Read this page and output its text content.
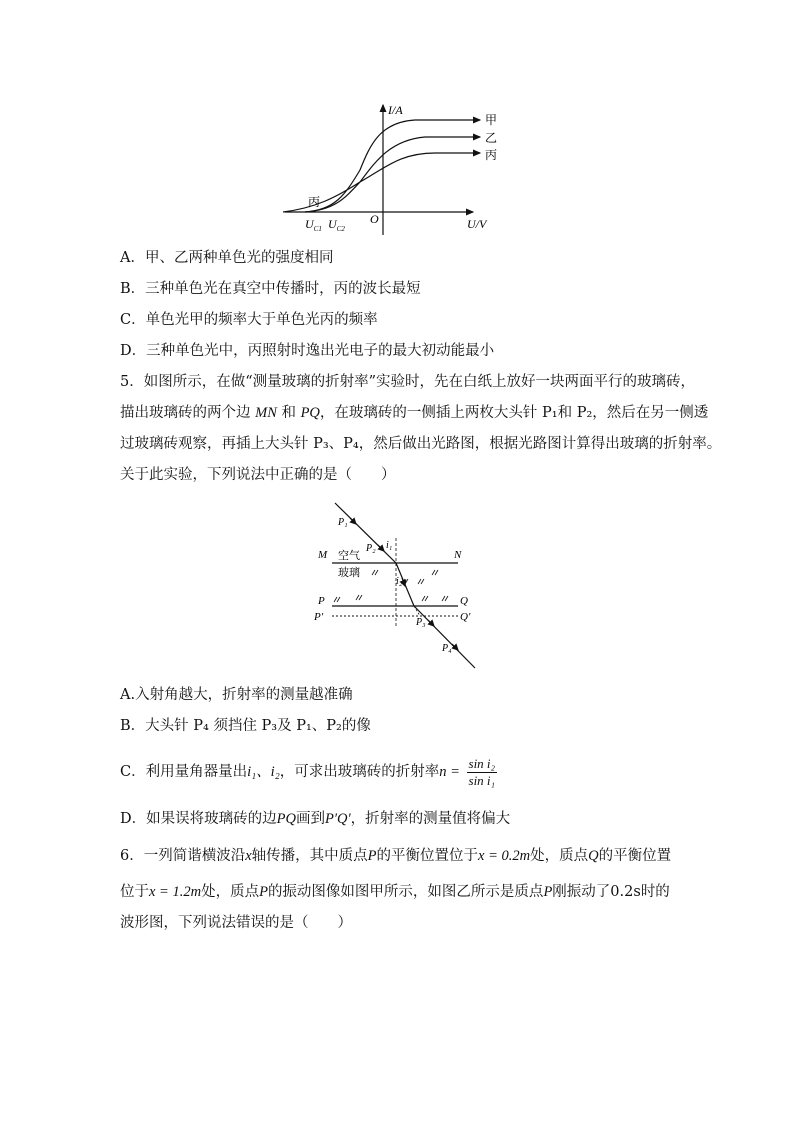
I/A
U/V
O
甲
乙
丙
丙
$U_{C1}$ $U_{C2}$
A．甲、乙两种单色光的强度相同
B．三种单色光在真空中传播时，丙的波长最短
C．单色光甲的频率大于单色光丙的频率
D．三种单色光中，丙照射时逸出光电子的最大初动能最小
5．如图所示，在做“测量玻璃的折射率”实验时，先在白纸上放好一块两面平行的玻璃砖，
描出玻璃砖的两个边 MN 和 PQ，在玻璃砖的一侧插上两枚大头针 P₁和 P₂，然后在另一侧透
过玻璃砖观察，再插上大头针 P₃、P₄，然后做出光路图，根据光路图计算得出玻璃的折射率。
关于此实验，下列说法中正确的是（　　）
M	N
空气
玻璃
P	Q
P′	Q′
P₁
P₂
P₃
P₄
i₁
i₂
A.入射角越大，折射率的测量越准确
B．大头针 P₄ 须挡住 P₃及 P₁、P₂的像
C．利用量角器量出i₁、i₂，可求出玻璃砖的折射率$n = \frac{\text{sin i₂}}{\text{sin i₁}}$
D．如果误将玻璃砖的边PQ画到P′Q′，折射率的测量值将偏大
6．一列简谐横波沿x轴传播，其中质点P的平衡位置位于x = 0.2m处，质点Q的平衡位置
位于x = 1.2m处，质点P的振动图像如图甲所示，如图乙所示是质点P刚振动了0.2s时的
波形图，下列说法错误的是（　　）
